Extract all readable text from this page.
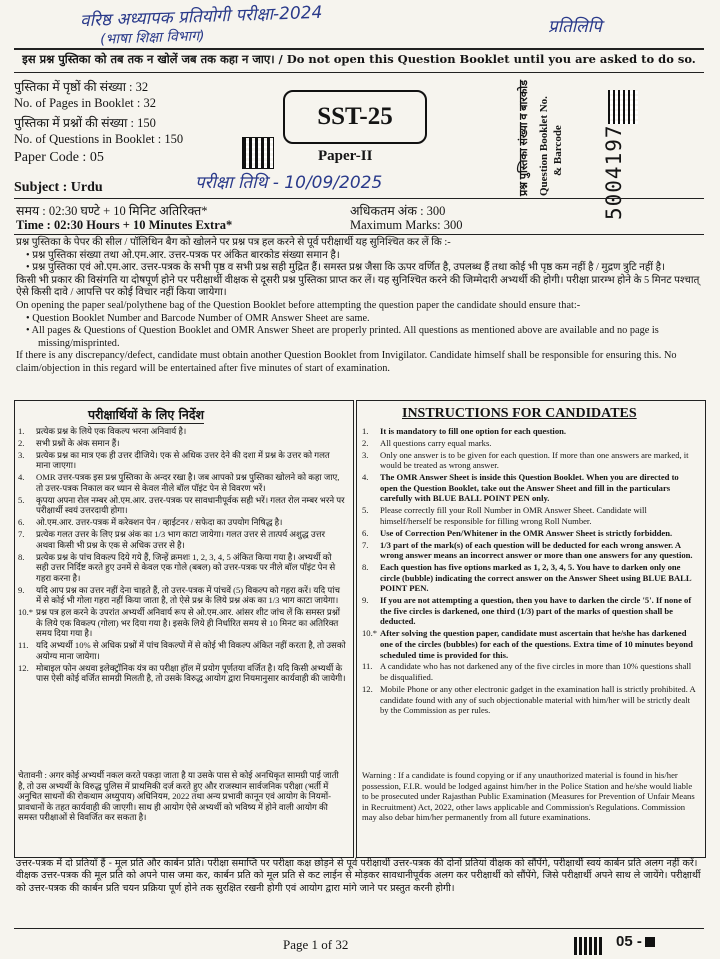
वरिष्ठ अध्यापक प्रतियोगी परीक्षा-2024
(भाषा शिक्षा विभाग)
प्रतिलिपि
परीक्षा तिथि - 10/09/2025
इस प्रश्न पुस्तिका को तब तक न खोलें जब तक कहा न जाए। / Do not open this Question Booklet until you are asked to do so.
पुस्तिका में पृष्ठों की संख्या : 32
No. of Pages in Booklet : 32
पुस्तिका में प्रश्नों की संख्या : 150
No. of Questions in Booklet : 150
Paper Code : 05
Subject : Urdu
SST-25
Paper-II	प्रश्न पुस्तिका संख्या व बारकोड Question Booklet No. & Barcode 5004197
समय : 02:30 घण्टे + 10 मिनिट अतिरिक्त*
Time : 02:30 Hours + 10 Minutes Extra*
अधिकतम अंक : 300
Maximum Marks: 300

प्रश्न पुस्तिका के पेपर की सील / पॉलिथिन बैग को खोलने पर प्रश्न पत्र हल करने से पूर्व परीक्षार्थी यह सुनिश्चित कर लें कि :-

• प्रश्न पुस्तिका संख्या तथा ओ.एम.आर. उत्तर-पत्रक पर अंकित बारकोड संख्या समान है।

• प्रश्न पुस्तिका एवं ओ.एम.आर. उत्तर-पत्रक के सभी पृष्ठ व सभी प्रश्न सही मुद्रित हैं। समस्त प्रश्न जैसा कि ऊपर वर्णित है, उपलब्ध हैं तथा कोई भी पृष्ठ कम नहीं है / मुद्रण त्रुटि नहीं है।

किसी भी प्रकार की विसंगति या दोषपूर्ण होने पर परीक्षार्थी वीक्षक से दूसरी प्रश्न पुस्तिका प्राप्त कर लें। यह सुनिश्चित करने की जिम्मेदारी अभ्यर्थी की होगी। परीक्षा प्रारम्भ होने के 5 मिनट पश्चात् ऐसे किसी दावे / आपत्ति पर कोई विचार नहीं किया जायेगा।

On opening the paper seal/polythene bag of the Question Booklet before attempting the question paper the candidate should ensure that:-

• Question Booklet Number and Barcode Number of OMR Answer Sheet are same.

• All pages & Questions of Question Booklet and OMR Answer Sheet are properly printed. All questions as mentioned above are available and no page is missing/misprinted.

If there is any discrepancy/defect, candidate must obtain another Question Booklet from Invigilator. Candidate himself shall be responsible for ensuring this. No claim/objection in this regard will be entertained after five minutes of start of examination.

परीक्षार्थियों के लिए निर्देश
1. प्रत्येक प्रश्न के लिये एक विकल्प भरना अनिवार्य है।
2. सभी प्रश्नों के अंक समान हैं।
3. प्रत्येक प्रश्न का मात्र एक ही उत्तर दीजिये। एक से अधिक उत्तर देने की दशा में प्रश्न के उत्तर को गलत माना जाएगा।
4. OMR उत्तर-पत्रक इस प्रश्न पुस्तिका के अन्दर रखा है। जब आपको प्रश्न पुस्तिका खोलने को कहा जाए, तो उत्तर-पत्रक निकाल कर ध्यान से केवल नीले बॉल पॉइंट पेन से विवरण भरें।
5. कृपया अपना रोल नम्बर ओ.एम.आर. उत्तर-पत्रक पर सावधानीपूर्वक सही भरें। गलत रोल नम्बर भरने पर परीक्षार्थी स्वयं उत्तरदायी होगा।
6. ओ.एम.आर. उत्तर-पत्रक में करेक्शन पेन / व्हाईटनर / सफेदा का उपयोग निषिद्ध है।
7. प्रत्येक गलत उत्तर के लिए प्रश्न अंक का 1/3 भाग काटा जायेगा। गलत उत्तर से तात्पर्य अशुद्ध उत्तर अथवा किसी भी प्रश्न के एक से अधिक उत्तर से है।
8. प्रत्येक प्रश्न के पांच विकल्प दिये गये हैं, जिन्हें क्रमशः 1, 2, 3, 4, 5 अंकित किया गया है। अभ्यर्थी को सही उत्तर निर्दिष्ट करते हुए उनमें से केवल एक गोले (बबल) को उत्तर-पत्रक पर नीले बॉल पॉइंट पेन से गहरा करना है।
9. यदि आप प्रश्न का उत्तर नहीं देना चाहते हैं, तो उत्तर-पत्रक में पांचवें (5) विकल्प को गहरा करें। यदि पांच में से कोई भी गोला गहरा नहीं किया जाता है, तो ऐसे प्रश्न के लिये प्रश्न अंक का 1/3 भाग काटा जायेगा।
10.* प्रश्न पत्र हल करने के उपरांत अभ्यर्थी अनिवार्य रूप से ओ.एम.आर. आंसर शीट जांच लें कि समस्त प्रश्नों के लिये एक विकल्प (गोला) भर दिया गया है। इसके लिये ही निर्धारित समय से 10 मिनट का अतिरिक्त समय दिया गया है।
11. यदि अभ्यर्थी 10% से अधिक प्रश्नों में पांच विकल्पों में से कोई भी विकल्प अंकित नहीं करता है, तो उसको अयोग्य माना जायेगा।
12. मोबाइल फोन अथवा इलेक्ट्रॉनिक यंत्र का परीक्षा हॉल में प्रयोग पूर्णतया वर्जित है। यदि किसी अभ्यर्थी के पास ऐसी कोई वर्जित सामग्री मिलती है, तो उसके विरुद्ध आयोग द्वारा नियमानुसार कार्यवाही की जायेगी।
चेतावनी : अगर कोई अभ्यर्थी नकल करते पकड़ा जाता है या उसके पास से कोई अनधिकृत सामग्री पाई जाती है, तो उस अभ्यर्थी के विरुद्ध पुलिस में प्राथमिकी दर्ज करते हुए और राजस्थान सार्वजनिक परीक्षा (भर्ती में अनुचित साधनों की रोकथाम अध्युपाय) अधिनियम, 2022 तथा अन्य प्रभावी कानून एवं आयोग के नियमों-प्रावधानों के तहत कार्यवाही की जाएगी। साथ ही आयोग ऐसे अभ्यर्थी को भविष्य में होने वाली आयोग की समस्त परीक्षाओं से विवर्जित कर सकता है।
INSTRUCTIONS FOR CANDIDATES
1. It is mandatory to fill one option for each question.
2. All questions carry equal marks.
3. Only one answer is to be given for each question. If more than one answers are marked, it would be treated as wrong answer.
4. The OMR Answer Sheet is inside this Question Booklet. When you are directed to open the Question Booklet, take out the Answer Sheet and fill in the particulars carefully with BLUE BALL POINT PEN only.
5. Please correctly fill your Roll Number in OMR Answer Sheet. Candidate will himself/herself be responsible for filling wrong Roll Number.
6. Use of Correction Pen/Whitener in the OMR Answer Sheet is strictly forbidden.
7. 1/3 part of the mark(s) of each question will be deducted for each wrong answer. A wrong answer means an incorrect answer or more than one answers for any question.
8. Each question has five options marked as 1, 2, 3, 4, 5. You have to darken only one circle (bubble) indicating the correct answer on the Answer Sheet using BLUE BALL POINT PEN.
9. If you are not attempting a question, then you have to darken the circle '5'. If none of the five circles is darkened, one third (1/3) part of the marks of question shall be deducted.
10.* After solving the question paper, candidate must ascertain that he/she has darkened one of the circles (bubbles) for each of the questions. Extra time of 10 minutes beyond scheduled time is provided for this.
11. A candidate who has not darkened any of the five circles in more than 10% questions shall be disqualified.
12. Mobile Phone or any other electronic gadget in the examination hall is strictly prohibited. A candidate found with any of such objectionable material with him/her will be strictly dealt by the Commission as per rules.
Warning : If a candidate is found copying or if any unauthorized material is found in his/her possession, F.I.R. would be lodged against him/her in the Police Station and he/she would liable to be prosecuted under Rajasthan Public Examination (Measures for Prevention of Unfair Means in Recruitment) Act, 2022, other laws applicable and Commission's Regulations. Commission may also debar him/her permanently from all future examinations.
उत्तर-पत्रक में दो प्रतियाँ हैं - मूल प्रति और कार्बन प्रति। परीक्षा समाप्ति पर परीक्षा कक्ष छोड़ने से पूर्व परीक्षार्थी उत्तर-पत्रक की दोनों प्रतियां वीक्षक को सौंपेंगे, परीक्षार्थी स्वयं कार्बन प्रति अलग नहीं करें। वीक्षक उत्तर-पत्रक की मूल प्रति को अपने पास जमा कर, कार्बन प्रति को मूल प्रति से कट लाईन से मोड़कर सावधानीपूर्वक अलग कर परीक्षार्थी को सौंपेंगे, जिसे परीक्षार्थी अपने साथ ले जायेंगे। परीक्षार्थी को उत्तर-पत्रक की कार्बन प्रति चयन प्रक्रिया पूर्ण होने तक सुरक्षित रखनी होगी एवं आयोग द्वारा मांगे जाने पर प्रस्तुत करनी होगी।
Page 1 of 32	05 -
